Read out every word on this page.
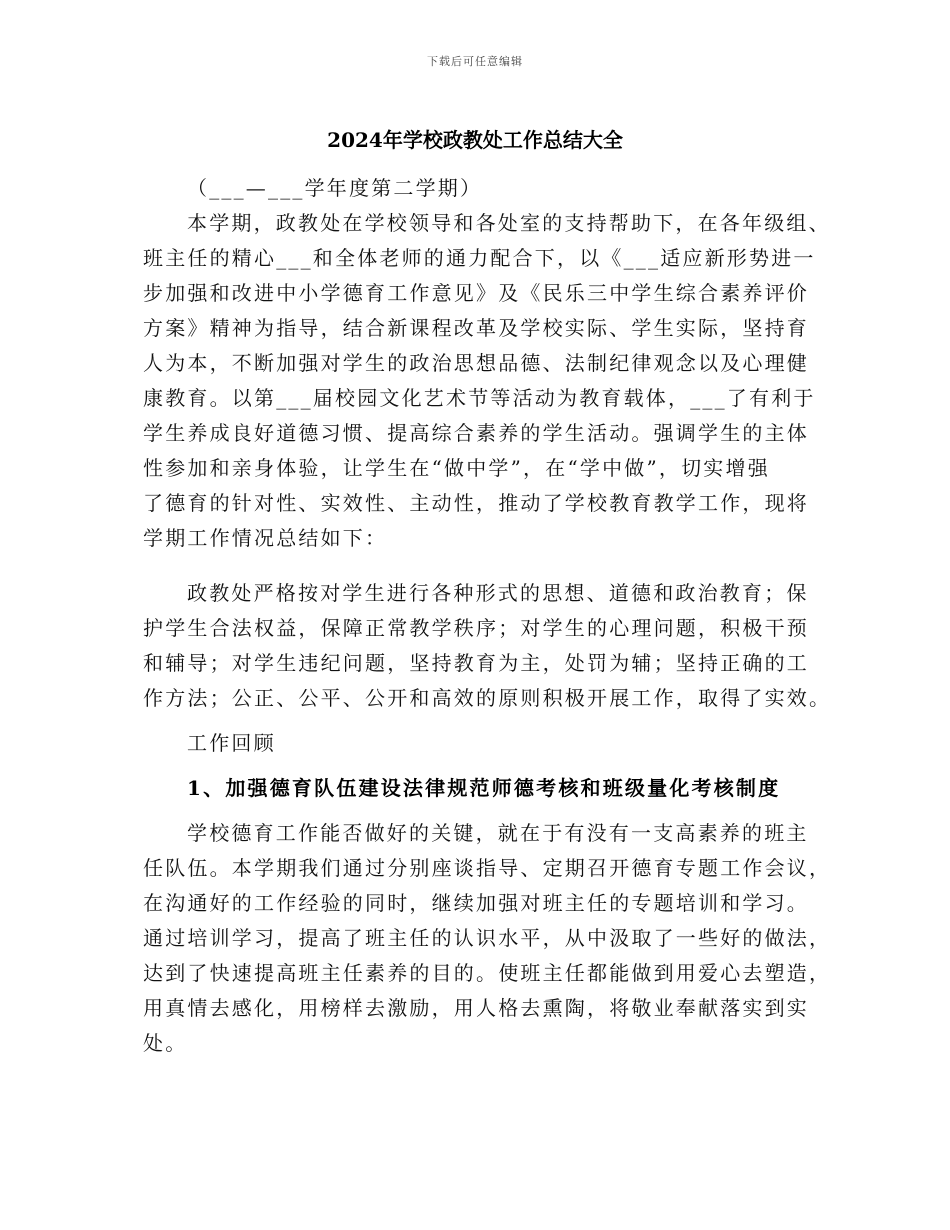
下载后可任意编辑
2024年学校政教处工作总结大全
（___—___学年度第二学期）
本学期，政教处在学校领导和各处室的支持帮助下，在各年级组、
班主任的精心___和全体老师的通力配合下，以《___适应新形势进一
步加强和改进中小学德育工作意见》及《民乐三中学生综合素养评价
方案》精神为指导，结合新课程改革及学校实际、学生实际，坚持育
人为本，不断加强对学生的政治思想品德、法制纪律观念以及心理健
康教育。以第___届校园文化艺术节等活动为教育载体，___了有利于
学生养成良好道德习惯、提高综合素养的学生活动。强调学生的主体
性参加和亲身体验，让学生在“做中学”，在“学中做”，切实增强
了德育的针对性、实效性、主动性，推动了学校教育教学工作，现将
学期工作情况总结如下：
政教处严格按对学生进行各种形式的思想、道德和政治教育；保
护学生合法权益，保障正常教学秩序；对学生的心理问题，积极干预
和辅导；对学生违纪问题，坚持教育为主，处罚为辅；坚持正确的工
作方法；公正、公平、公开和高效的原则积极开展工作，取得了实效。
工作回顾
1、加强德育队伍建设法律规范师德考核和班级量化考核制度
学校德育工作能否做好的关键，就在于有没有一支高素养的班主
任队伍。本学期我们通过分别座谈指导、定期召开德育专题工作会议，
在沟通好的工作经验的同时，继续加强对班主任的专题培训和学习。
通过培训学习，提高了班主任的认识水平，从中汲取了一些好的做法，
达到了快速提高班主任素养的目的。使班主任都能做到用爱心去塑造，
用真情去感化，用榜样去激励，用人格去熏陶，将敬业奉献落实到实
处。
